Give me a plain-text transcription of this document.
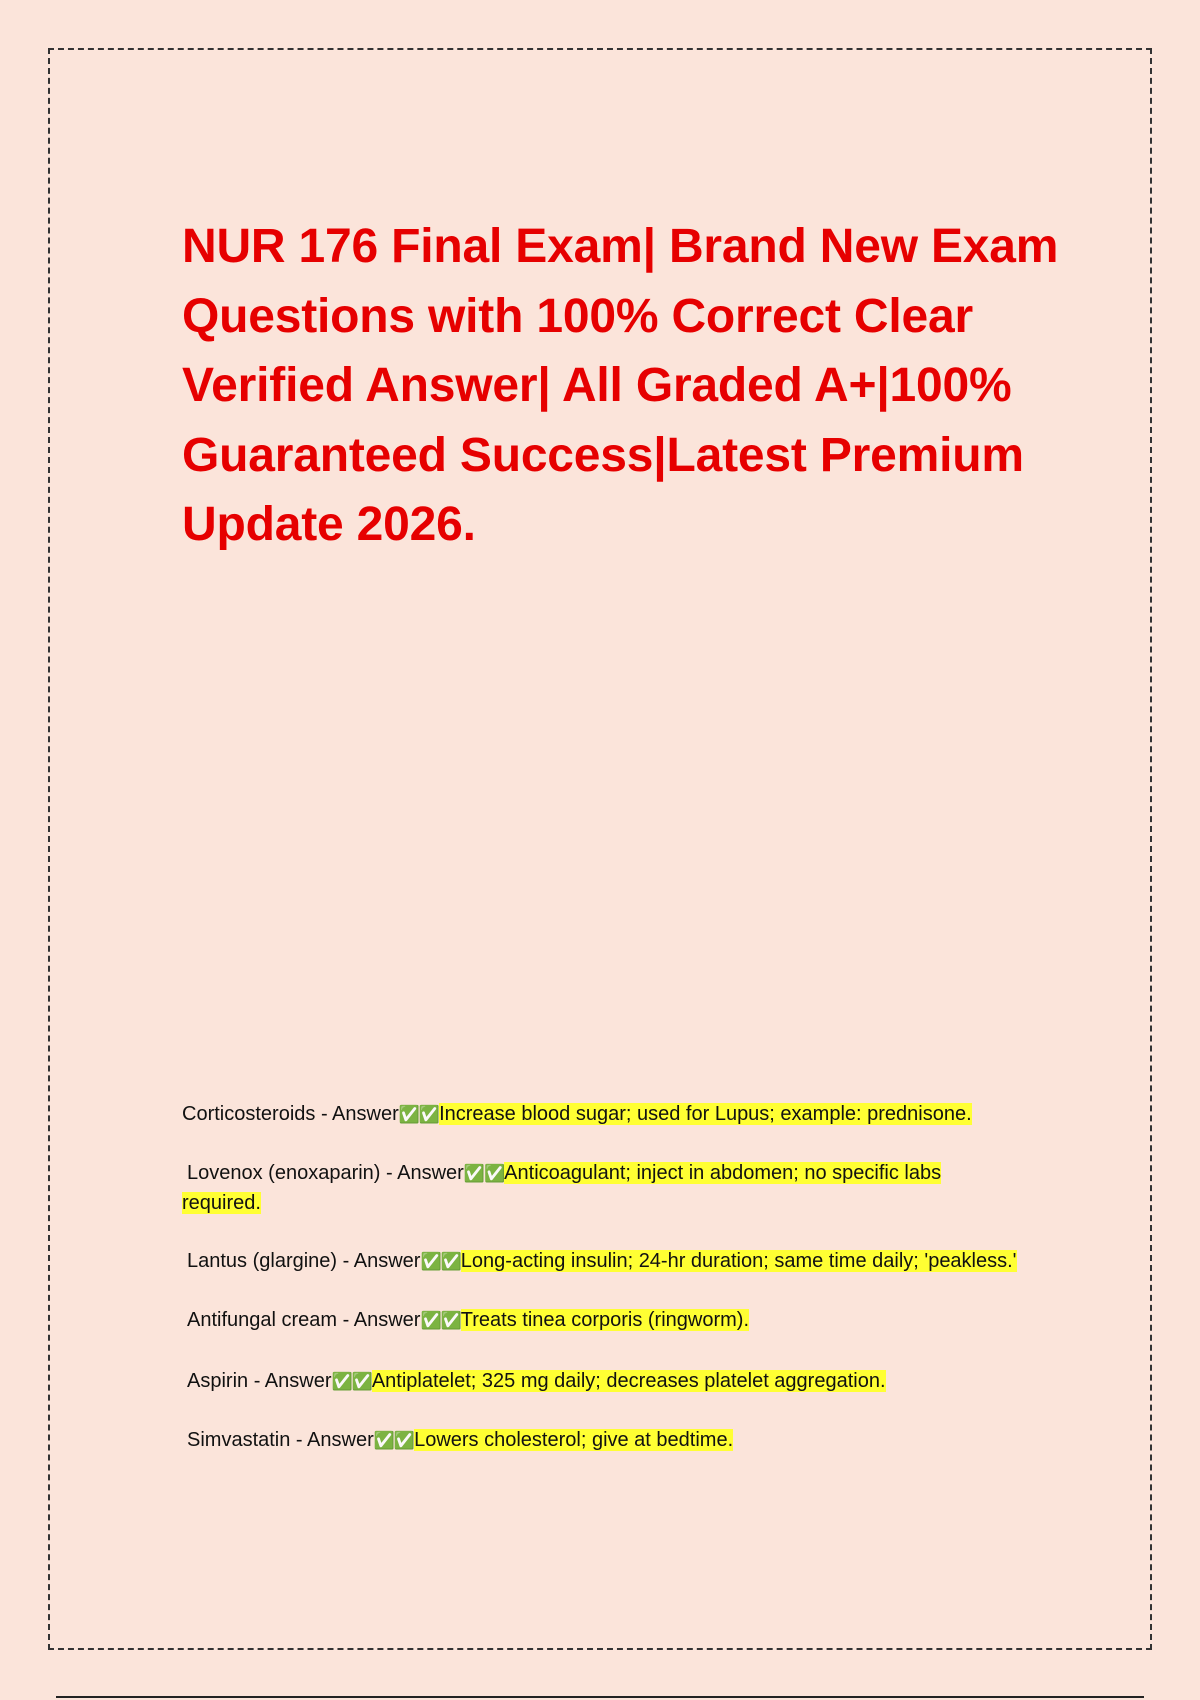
NUR 176 Final Exam| Brand New Exam Questions with 100% Correct Clear Verified Answer| All Graded A+|100% Guaranteed Success|Latest Premium Update 2026.
Corticosteroids - Answer✅✅Increase blood sugar; used for Lupus; example: prednisone.
Lovenox (enoxaparin) - Answer✅✅Anticoagulant; inject in abdomen; no specific labs required.
Lantus (glargine) - Answer✅✅Long-acting insulin; 24-hr duration; same time daily; 'peakless.'
Antifungal cream - Answer✅✅Treats tinea corporis (ringworm).
Aspirin - Answer✅✅Antiplatelet; 325 mg daily; decreases platelet aggregation.
Simvastatin - Answer✅✅Lowers cholesterol; give at bedtime.
